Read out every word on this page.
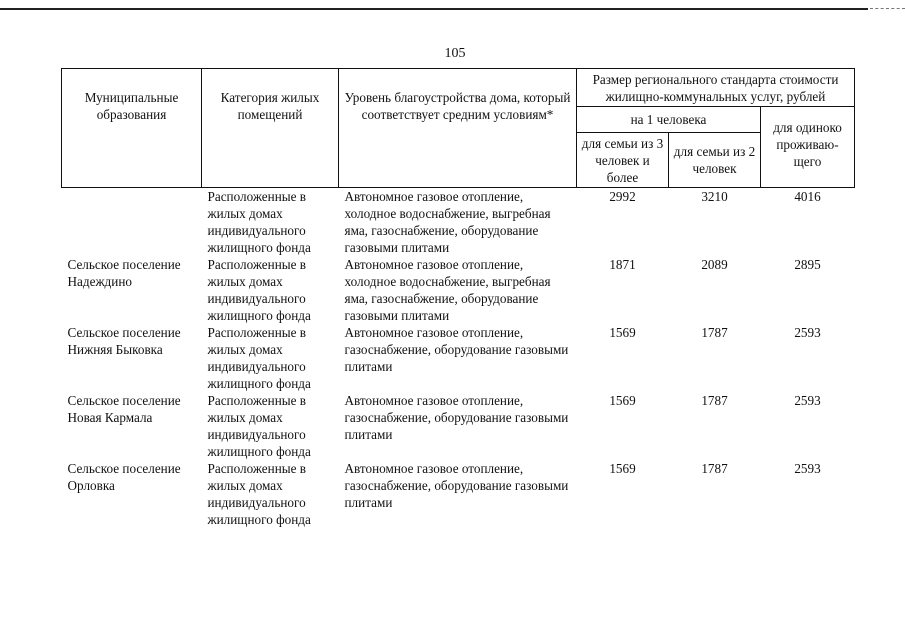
105
Муниципальные образования	Категория жилых помещений	Уровень благоустройства дома, который соответствует средним условиям*	Размер регионального стандарта стоимости жилищно-коммунальных услуг, рублей		
			на 1 человека		для одиноко проживаю-щего
			для семьи из 3 человек и более	для семьи из 2 человек	
	Расположенные в жилых домах индивидуального жилищного фонда	Автономное газовое отопление, холодное водоснабжение, выгребная яма, газоснабжение, оборудование газовыми плитами	2992	3210	4016
Сельское поселение Надеждино	Расположенные в жилых домах индивидуального жилищного фонда	Автономное газовое отопление, холодное водоснабжение, выгребная яма, газоснабжение, оборудование газовыми плитами	1871	2089	2895
Сельское поселение Нижняя Быковка	Расположенные в жилых домах индивидуального жилищного фонда	Автономное газовое отопление, газоснабжение, оборудование газовыми плитами	1569	1787	2593
Сельское поселение Новая Кармала	Расположенные в жилых домах индивидуального жилищного фонда	Автономное газовое отопление, газоснабжение, оборудование газовыми плитами	1569	1787	2593
Сельское поселение Орловка	Расположенные в жилых домах индивидуального жилищного фонда	Автономное газовое отопление, газоснабжение, оборудование газовыми плитами	1569	1787	2593
